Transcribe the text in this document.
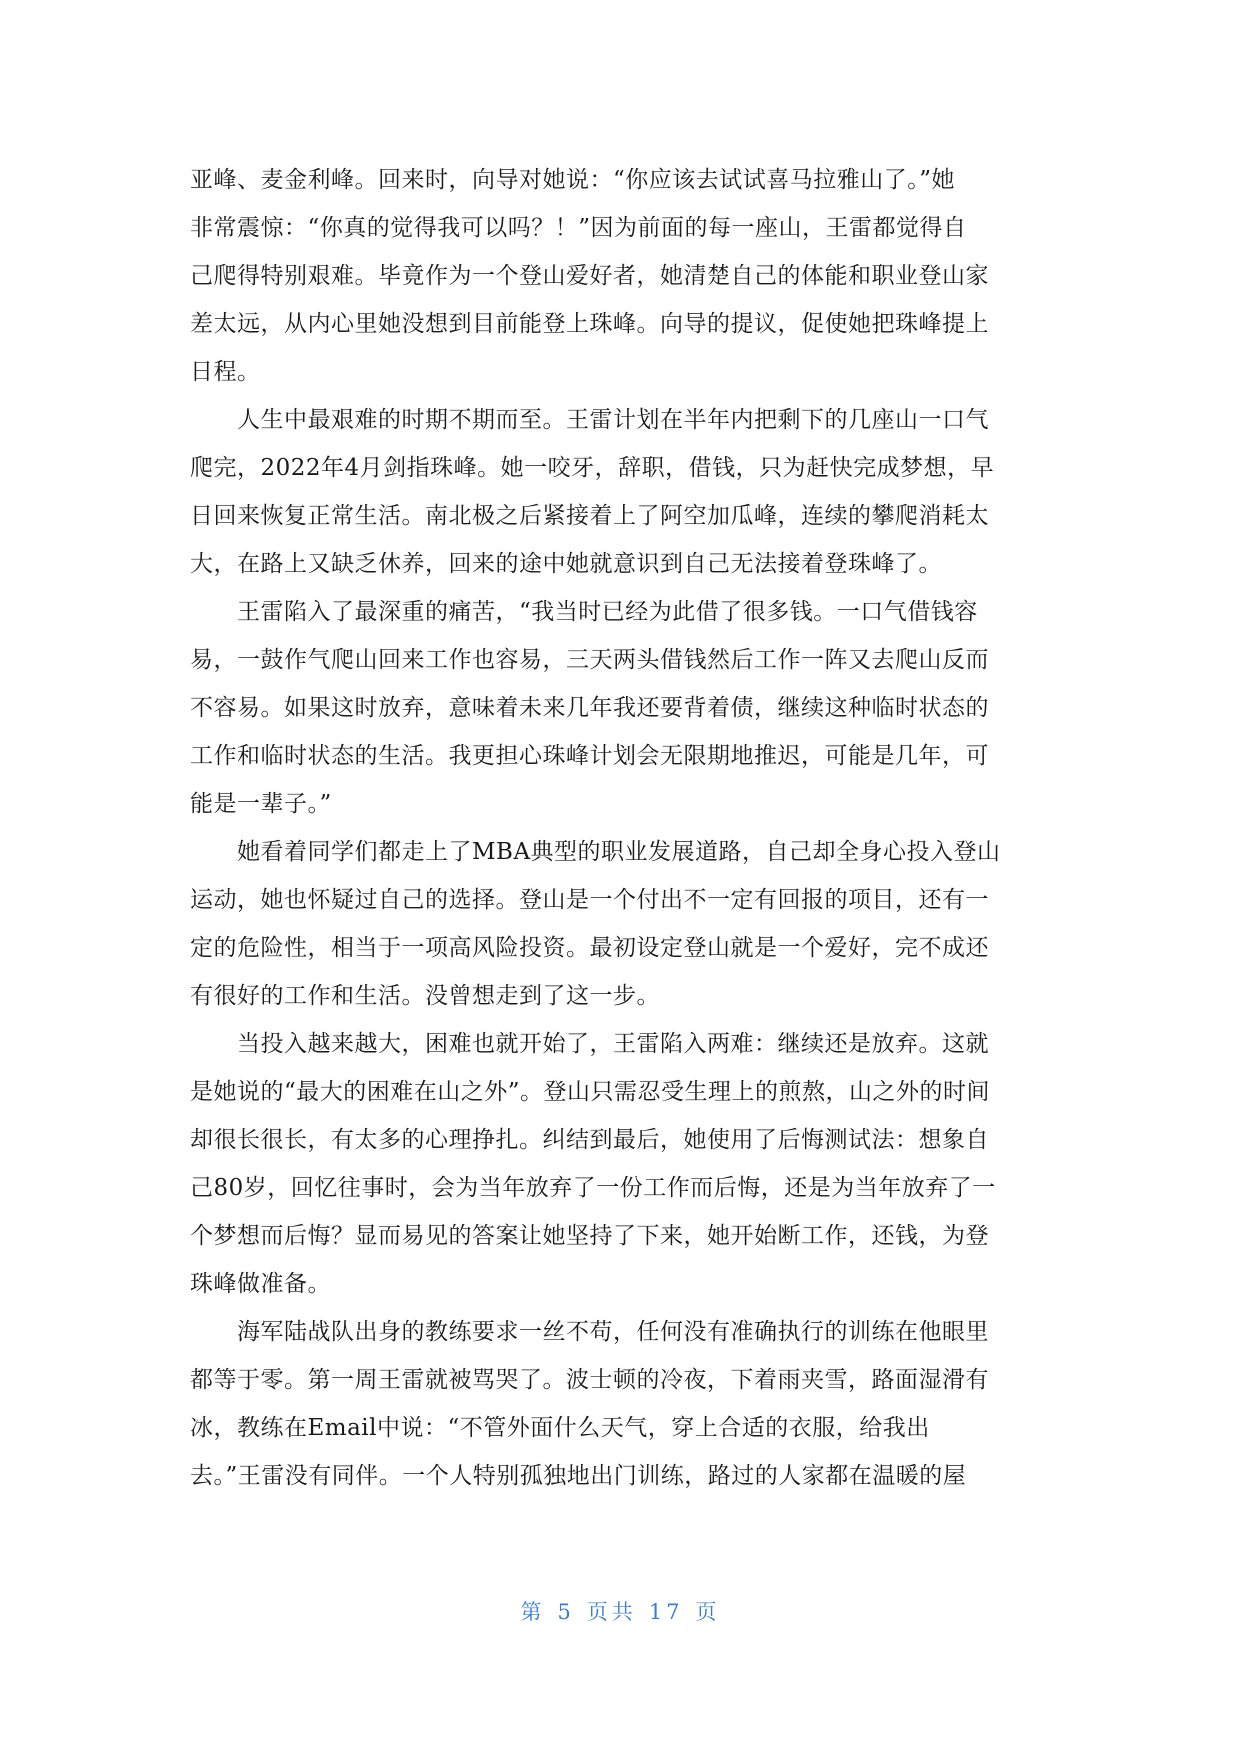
亚峰、麦金利峰。回来时，向导对她说：“你应该去试试喜马拉雅山了。”她
非常震惊：“你真的觉得我可以吗？！”因为前面的每一座山，王雷都觉得自
己爬得特别艰难。毕竟作为一个登山爱好者，她清楚自己的体能和职业登山家
差太远，从内心里她没想到目前能登上珠峰。向导的提议，促使她把珠峰提上
日程。
　　人生中最艰难的时期不期而至。王雷计划在半年内把剩下的几座山一口气
爬完，2022年4月剑指珠峰。她一咬牙，辞职，借钱，只为赶快完成梦想，早
日回来恢复正常生活。南北极之后紧接着上了阿空加瓜峰，连续的攀爬消耗太
大，在路上又缺乏休养，回来的途中她就意识到自己无法接着登珠峰了。
　　王雷陷入了最深重的痛苦，“我当时已经为此借了很多钱。一口气借钱容
易，一鼓作气爬山回来工作也容易，三天两头借钱然后工作一阵又去爬山反而
不容易。如果这时放弃，意味着未来几年我还要背着债，继续这种临时状态的
工作和临时状态的生活。我更担心珠峰计划会无限期地推迟，可能是几年，可
能是一辈子。”
　　她看着同学们都走上了MBA典型的职业发展道路，自己却全身心投入登山
运动，她也怀疑过自己的选择。登山是一个付出不一定有回报的项目，还有一
定的危险性，相当于一项高风险投资。最初设定登山就是一个爱好，完不成还
有很好的工作和生活。没曾想走到了这一步。
　　当投入越来越大，困难也就开始了，王雷陷入两难：继续还是放弃。这就
是她说的“最大的困难在山之外”。登山只需忍受生理上的煎熬，山之外的时间
却很长很长，有太多的心理挣扎。纠结到最后，她使用了后悔测试法：想象自
己80岁，回忆往事时，会为当年放弃了一份工作而后悔，还是为当年放弃了一
个梦想而后悔？显而易见的答案让她坚持了下来，她开始断工作，还钱，为登
珠峰做准备。
　　海军陆战队出身的教练要求一丝不苟，任何没有准确执行的训练在他眼里
都等于零。第一周王雷就被骂哭了。波士顿的冷夜，下着雨夹雪，路面湿滑有
冰，教练在Email中说：“不管外面什么天气，穿上合适的衣服，给我出
去。”王雷没有同伴。一个人特别孤独地出门训练，路过的人家都在温暖的屋
第 5 页共 17 页
